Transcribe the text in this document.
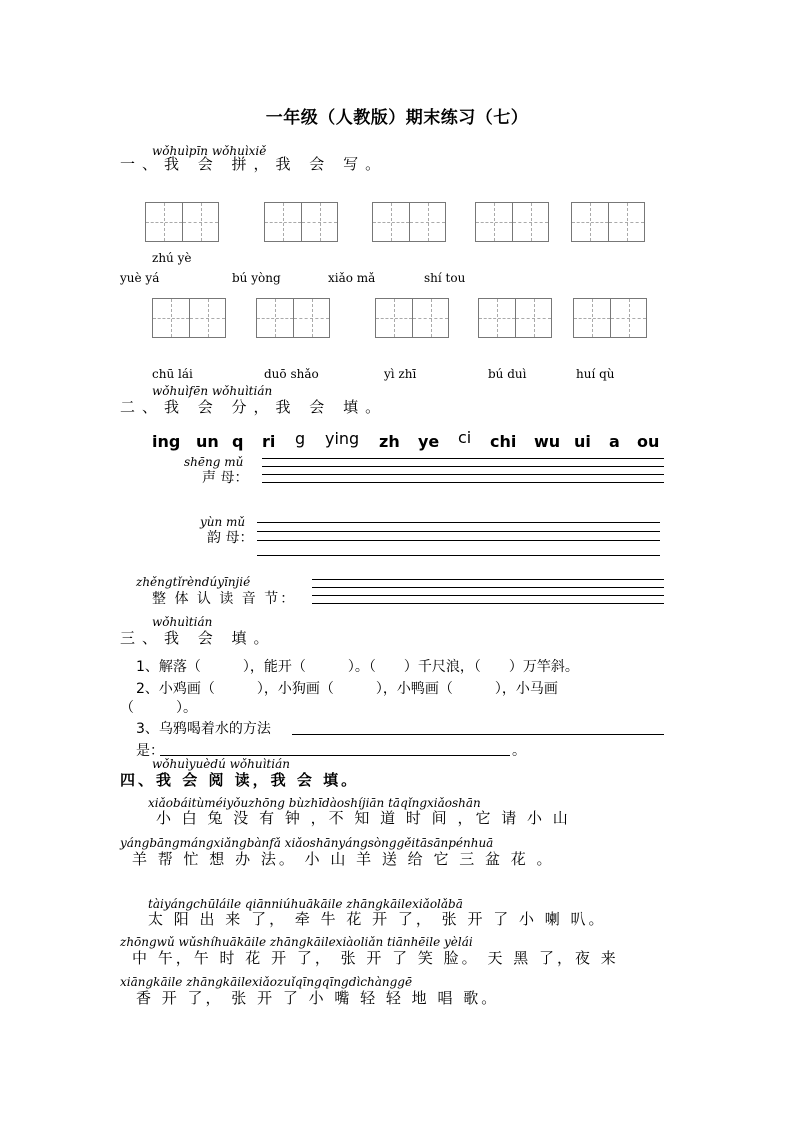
一年级（人教版）期末练习（七）
wǒhuìpīn wǒhuìxiě
一、我 会 拼，我 会 写。
zhú yè
yuè yá	bú yòng	xiǎo mǎ	shí tou
chū lái	duō shǎo	yì zhī	bú duì	huí qù
wǒhuìfēn wǒhuìtián
二、我 会 分，我 会 填。
ing un q ri g ying zh ye ci chi wu ui a ou
shēng mǔ
声 母：
yùn mǔ
韵 母：
zhěngtǐrèndúyīnjié
整 体 认 读 音 节：
wǒhuìtián
三、我 会 填。
1、解落（　　　），能开（　　　）。（　　）千尺浪，（　　）万竿斜。
2、小鸡画（　　　），小狗画（　　　），小鸭画（　　　），小马画
（　　　）。
3、乌鸦喝着水的方法
是：	。
wǒhuìyuèdú wǒhuìtián
四、我 会 阅 读，我 会 填。
xiǎobáitùméiyǒuzhōng bùzhīdàoshíjiān tāqǐngxiǎoshān
小 白 兔 没 有 钟 ，不 知 道 时 间 ，它 请 小 山
yángbāngmángxiǎngbànfǎ xiǎoshānyángsònggěitāsānpénhuā
羊 帮 忙 想 办 法。 小 山 羊 送 给 它 三 盆 花 。
tàiyángchūláile qiānniúhuākāile zhāngkāilexiǎolǎbā
太 阳 出 来 了， 牵 牛 花 开 了， 张 开 了 小 喇 叭。
zhōngwǔ wǔshíhuākāile zhāngkāilexiàoliǎn tiānhēile yèlái
中 午，午 时 花 开 了， 张 开 了 笑 脸。 天 黑 了，夜 来
xiāngkāile zhāngkāilexiǎozuǐqīngqīngdìchànggē
香 开 了， 张 开 了 小 嘴 轻 轻 地 唱 歌。
